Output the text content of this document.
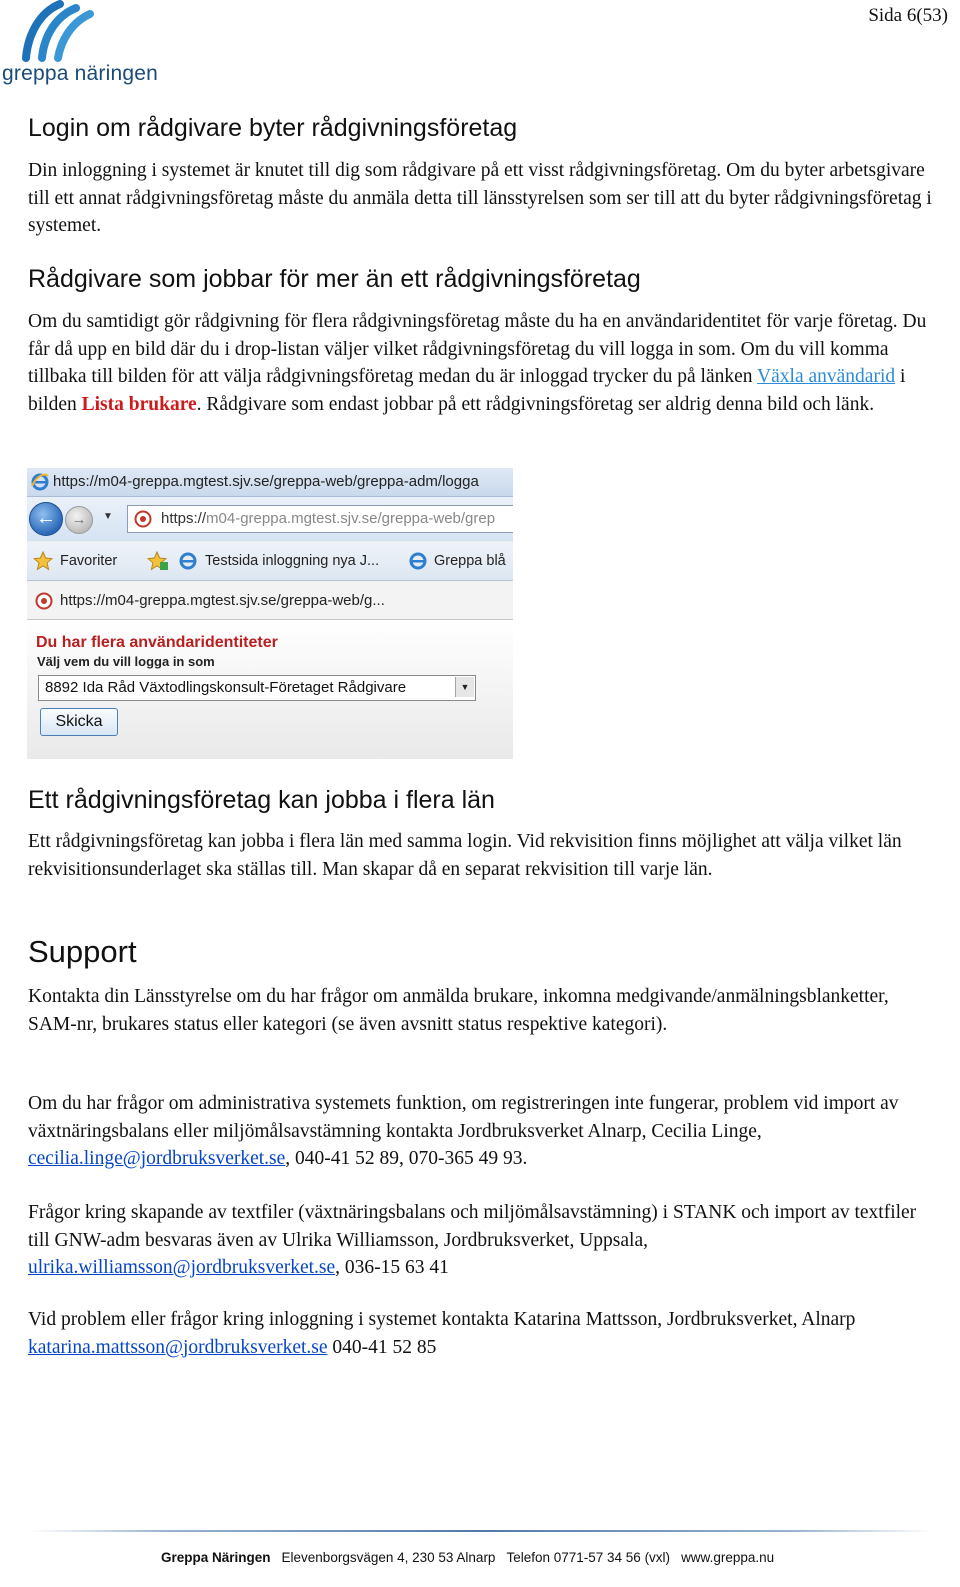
greppa näringen
Sida 6(53)
Login om rådgivare byter rådgivningsföretag

Din inloggning i systemet är knutet till dig som rådgivare på ett visst rådgivningsföretag. Om du byter arbetsgivare till ett annat rådgivningsföretag måste du anmäla detta till länsstyrelsen som ser till att du byter rådgivningsföretag i systemet.

Rådgivare som jobbar för mer än ett rådgivningsföretag

Om du samtidigt gör rådgivning för flera rådgivningsföretag måste du ha en användaridentitet för varje företag. Du får då upp en bild där du i drop-listan väljer vilket rådgivningsföretag du vill logga in som. Om du vill komma tillbaka till bilden för att välja rådgivningsföretag medan du är inloggad trycker du på länken Växla användarid i bilden Lista brukare. Rådgivare som endast jobbar på ett rådgivningsföretag ser aldrig denna bild och länk.

Ett rådgivningsföretag kan jobba i flera län

Ett rådgivningsföretag kan jobba i flera län med samma login. Vid rekvisition finns möjlighet att välja vilket län rekvisitionsunderlaget ska ställas till. Man skapar då en separat rekvisition till varje län.

Support

Kontakta din Länsstyrelse om du har frågor om anmälda brukare, inkomna medgivande/anmälningsblanketter, SAM-nr, brukares status eller kategori (se även avsnitt status respektive kategori).

Om du har frågor om administrativa systemets funktion, om registreringen inte fungerar, problem vid import av växtnäringsbalans eller miljömålsavstämning kontakta Jordbruksverket Alnarp, Cecilia Linge, cecilia.linge@jordbruksverket.se, 040-41 52 89, 070-365 49 93.

Frågor kring skapande av textfiler (växtnäringsbalans och miljömålsavstämning) i STANK och import av textfiler till GNW-adm besvaras även av Ulrika Williamsson, Jordbruksverket, Uppsala, ulrika.williamsson@jordbruksverket.se, 036-15 63 41

Vid problem eller frågor kring inloggning i systemet kontakta Katarina Mattsson, Jordbruksverket, Alnarp katarina.mattsson@jordbruksverket.se 040-41 52 85

https://m04-greppa.mgtest.sjv.se/greppa-web/greppa-adm/logga
←	→	▼	https://m04-greppa.mgtest.sjv.se/greppa-web/grep
Favoriter	Testsida inloggning nya J...	Greppa blå
https://m04-greppa.mgtest.sjv.se/greppa-web/g...
Du har flera användaridentiteter
Välj vem du vill logga in som
8892 Ida Råd Växtodlingskonsult-Företaget Rådgivare	▼
Skicka
Greppa Näringen Elevenborgsvägen 4, 230 53 Alnarp Telefon 0771-57 34 56 (vxl) www.greppa.nu
